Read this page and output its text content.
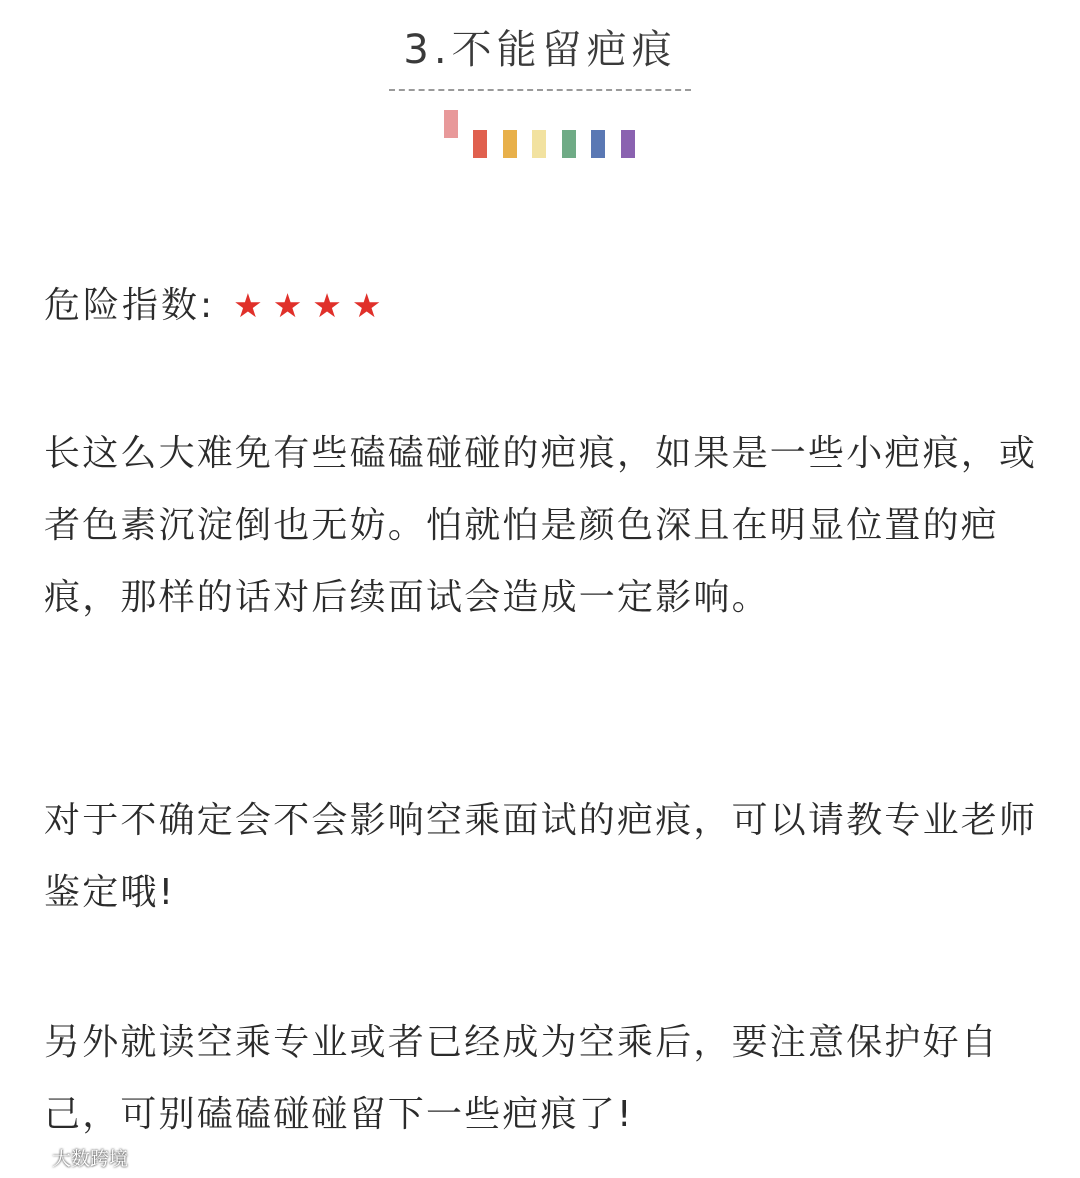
3.不能留疤痕
危险指数: ★★★★

长这么大难免有些磕磕碰碰的疤痕，如果是一些小疤痕，或者色素沉淀倒也无妨。怕就怕是颜色深且在明显位置的疤痕，那样的话对后续面试会造成一定影响。

对于不确定会不会影响空乘面试的疤痕，可以请教专业老师鉴定哦!

另外就读空乘专业或者已经成为空乘后，要注意保护好自己，可别磕磕碰碰留下一些疤痕了!

大数跨境
